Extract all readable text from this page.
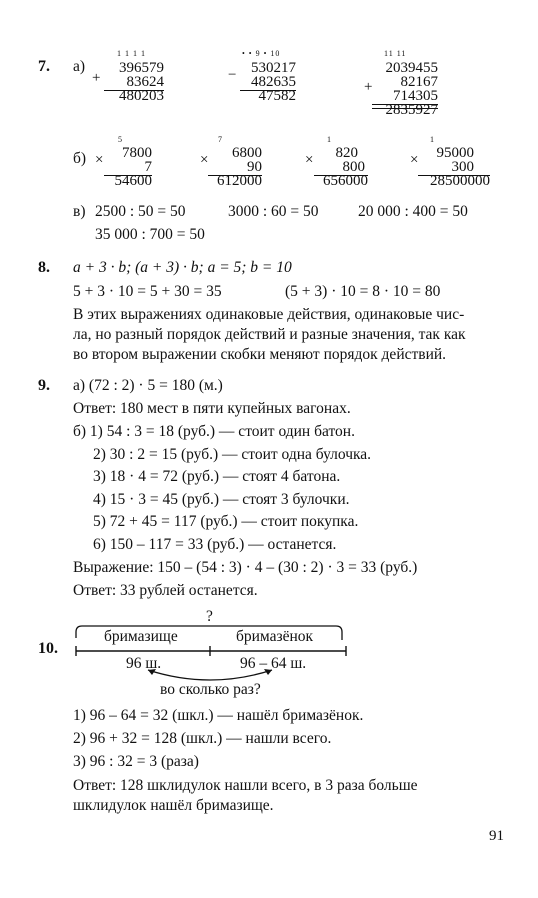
7. а)
1 1 1 1
+
396579
83624
480203
• • 9 • 10
− 530217
482635
47582
11 11
+
2039455
82167
714305
2835927
б)
5
×	7800
7
54600
7
×	6800
90
612000
1
×	820
800
656000
1
×	95000
300
28500000
в) 2500 : 50 = 50	3000 : 60 = 50	20 000 : 400 = 50
35 000 : 700 = 50
8. a + 3 · b; (a + 3) · b; a = 5; b = 10
5 + 3 · 10 = 5 + 30 = 35	(5 + 3) · 10 = 8 · 10 = 80
В этих выражениях одинаковые действия, одинаковые чис-
ла, но разный порядок действий и разные значения, так как
во втором выражении скобки меняют порядок действий.
9. а) (72 : 2) · 5 = 180 (м.)
Ответ: 180 мест в пяти купейных вагонах.
б) 1) 54 : 3 = 18 (руб.) — стоит один батон.
2) 30 : 2 = 15 (руб.) — стоит одна булочка.
3) 18 · 4 = 72 (руб.) — стоят 4 батона.
4) 15 · 3 = 45 (руб.) — стоят 3 булочки.
5) 72 + 45 = 117 (руб.) — стоит покупка.
6) 150 – 117 = 33 (руб.) — останется.
Выражение: 150 – (54 : 3) · 4 – (30 : 2) · 3 = 33 (руб.)
Ответ: 33 рублей останется.
10.
?
бримазище	бримазёнок
96 ш.	96 – 64 ш.
во сколько раз?
1) 96 – 64 = 32 (шкл.) — нашёл бримазёнок.
2) 96 + 32 = 128 (шкл.) — нашли всего.
3) 96 : 32 = 3 (раза)
Ответ: 128 шклидулок нашли всего, в 3 раза больше
шклидулок нашёл бримазище.
91
